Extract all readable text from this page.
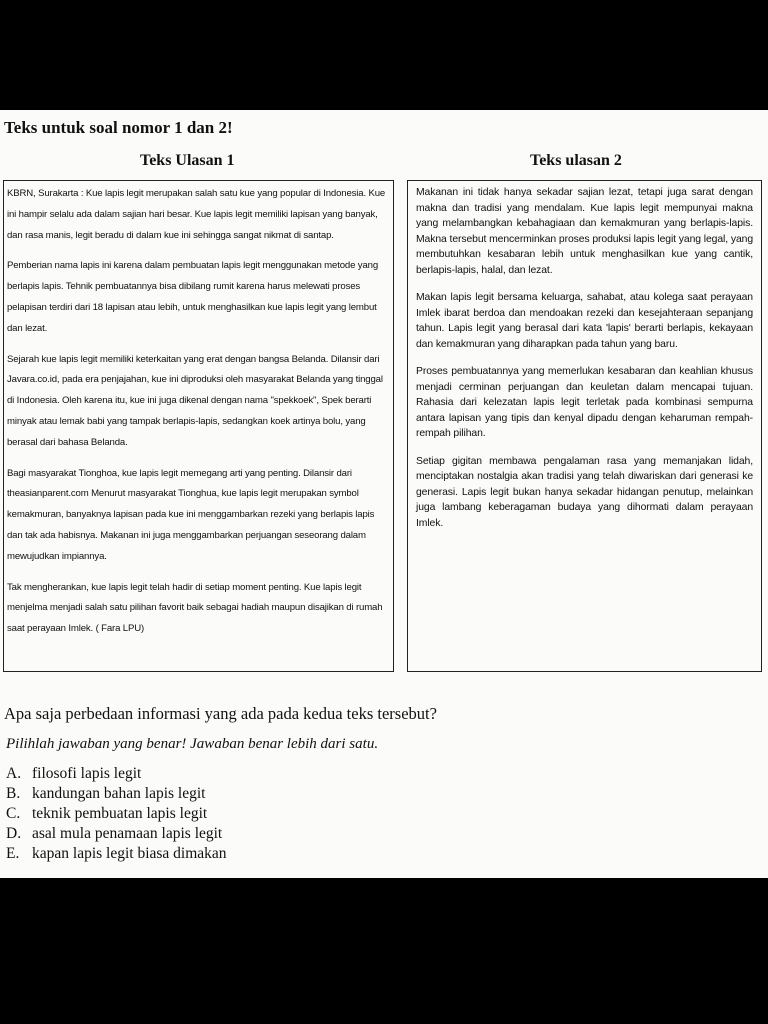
Teks untuk soal nomor 1 dan 2!
Teks Ulasan 1	Teks ulasan 2

KBRN, Surakarta : Kue lapis legit merupakan salah satu kue yang popular di Indonesia. Kue ini hampir selalu ada dalam sajian hari besar. Kue lapis legit memiliki lapisan yang banyak, dan rasa manis, legit beradu di dalam kue ini sehingga sangat nikmat di santap.

Pemberian nama lapis ini karena dalam pembuatan lapis legit menggunakan metode yang berlapis lapis. Tehnik pembuatannya bisa dibilang rumit karena harus melewati proses pelapisan terdiri dari 18 lapisan atau lebih, untuk menghasilkan kue lapis legit yang lembut dan lezat.

Sejarah kue lapis legit memiliki keterkaitan yang erat dengan bangsa Belanda. Dilansir dari Javara.co.id, pada era penjajahan, kue ini diproduksi oleh masyarakat Belanda yang tinggal di Indonesia. Oleh karena itu, kue ini juga dikenal dengan nama "spekkoek", Spek berarti minyak atau lemak babi yang tampak berlapis-lapis, sedangkan koek artinya bolu, yang berasal dari bahasa Belanda.

Bagi masyarakat Tionghoa, kue lapis legit memegang arti yang penting. Dilansir dari theasianparent.com Menurut masyarakat Tionghua, kue lapis legit merupakan symbol kemakmuran, banyaknya lapisan pada kue ini menggambarkan rezeki yang berlapis lapis dan tak ada habisnya. Makanan ini juga menggambarkan perjuangan seseorang dalam mewujudkan impiannya.

Tak mengherankan, kue lapis legit telah hadir di setiap moment penting. Kue lapis legit menjelma menjadi salah satu pilihan favorit baik sebagai hadiah maupun disajikan di rumah saat perayaan Imlek. ( Fara LPU)

Makanan ini tidak hanya sekadar sajian lezat, tetapi juga sarat dengan makna dan tradisi yang mendalam. Kue lapis legit mempunyai makna yang melambangkan kebahagiaan dan kemakmuran yang berlapis-lapis. Makna tersebut mencerminkan proses produksi lapis legit yang legal, yang membutuhkan kesabaran lebih untuk menghasilkan kue yang cantik, berlapis-lapis, halal, dan lezat.

Makan lapis legit bersama keluarga, sahabat, atau kolega saat perayaan Imlek ibarat berdoa dan mendoakan rezeki dan kesejahteraan sepanjang tahun. Lapis legit yang berasal dari kata 'lapis' berarti berlapis, kekayaan dan kemakmuran yang diharapkan pada tahun yang baru.

Proses pembuatannya yang memerlukan kesabaran dan keahlian khusus menjadi cerminan perjuangan dan keuletan dalam mencapai tujuan. Rahasia dari kelezatan lapis legit terletak pada kombinasi sempurna antara lapisan yang tipis dan kenyal dipadu dengan keharuman rempah-rempah pilihan.

Setiap gigitan membawa pengalaman rasa yang memanjakan lidah, menciptakan nostalgia akan tradisi yang telah diwariskan dari generasi ke generasi. Lapis legit bukan hanya sekadar hidangan penutup, melainkan juga lambang keberagaman budaya yang dihormati dalam perayaan Imlek.

Apa saja perbedaan informasi yang ada pada kedua teks tersebut?
Pilihlah jawaban yang benar! Jawaban benar lebih dari satu.
A. filosofi lapis legit
B. kandungan bahan lapis legit
C. teknik pembuatan lapis legit
D. asal mula penamaan lapis legit
E. kapan lapis legit biasa dimakan
